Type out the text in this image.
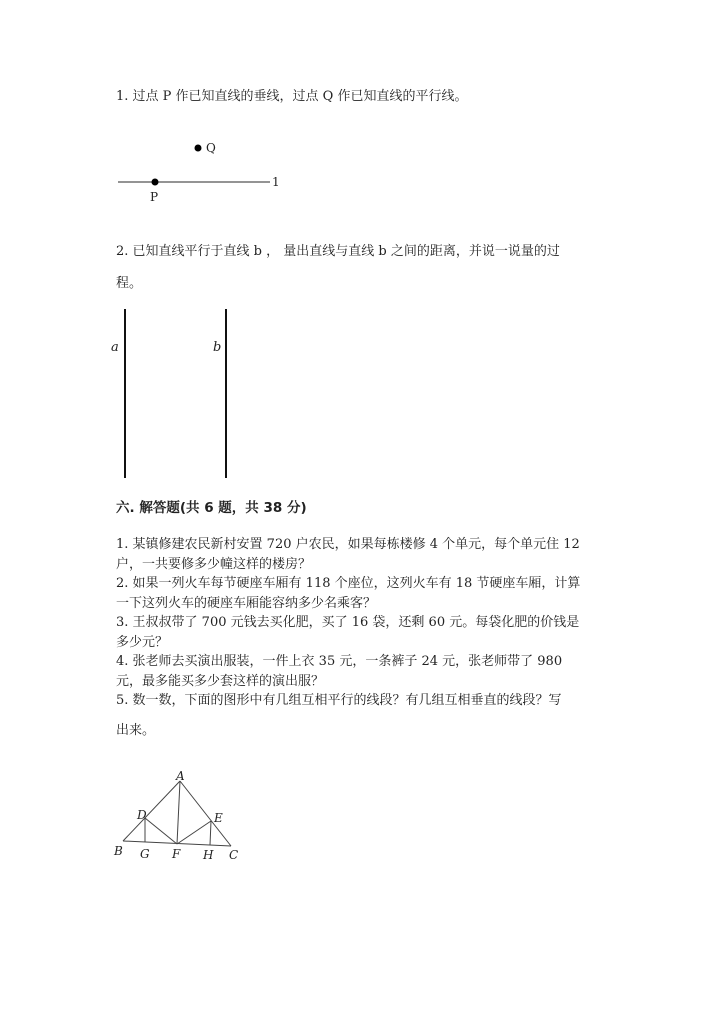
1. 过点 P 作已知直线的垂线，过点 Q 作已知直线的平行线。
Q
P
1
2. 已知直线平行于直线 b ， 量出直线与直线 b 之间的距离，并说一说量的过
程。
a	b
六. 解答题(共 6 题，共 38 分)
1. 某镇修建农民新村安置 720 户农民，如果每栋楼修 4 个单元，每个单元住 12
户，一共要修多少幢这样的楼房？
2. 如果一列火车每节硬座车厢有 118 个座位，这列火车有 18 节硬座车厢，计算
一下这列火车的硬座车厢能容纳多少名乘客？
3. 王叔叔带了 700 元钱去买化肥，买了 16 袋，还剩 60 元。每袋化肥的价钱是
多少元？
4. 张老师去买演出服装，一件上衣 35 元，一条裤子 24 元，张老师带了 980
元，最多能买多少套这样的演出服？
5. 数一数，下面的图形中有几组互相平行的线段？有几组互相垂直的线段？写
出来。
A
D	E
B G F H C
